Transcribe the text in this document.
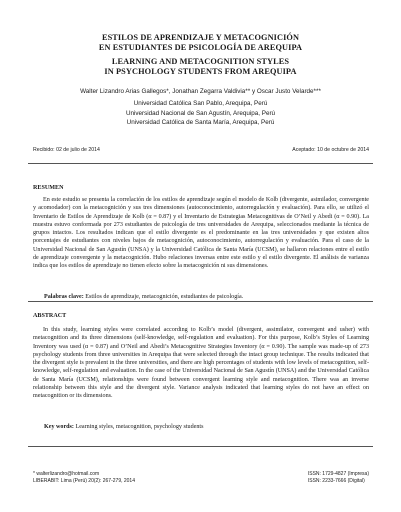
ESTILOS DE APRENDIZAJE Y METACOGNICIÓN
EN ESTUDIANTES DE PSICOLOGÍA DE AREQUIPA
LEARNING AND METACOGNITION STYLES
IN PSYCHOLOGY STUDENTS FROM AREQUIPA
Walter Lizandro Arias Gallegos*, Jonathan Zegarra Valdivia** y Oscar Justo Velarde***
Universidad Católica San Pablo, Arequipa, Perú
Universidad Nacional de San Agustín, Arequipa, Perú
Universidad Católica de Santa María, Arequipa, Perú
Recibido: 02 de julio de 2014	Aceptado: 10 de octubre de 2014
RESUMEN

En este estudio se presenta la correlación de los estilos de aprendizaje según el modelo de Kolb (divergente, asimilador, convergente y acomodador) con la metacognición y sus tres dimensiones (autoconocimiento, autorregulación y evaluación). Para ello, se utilizó el Inventario de Estilos de Aprendizaje de Kolb (α = 0.87) y el Inventario de Estrategias Metacognitivas de O’Neil y Abedi (α = 0.90). La muestra estuvo conformada por 273 estudiantes de psicología de tres universidades de Arequipa, seleccionados mediante la técnica de grupos intactos. Los resultados indican que el estilo divergente es el predominante en las tres universidades y que existen altos porcentajes de estudiantes con niveles bajos de metacognición, autoconocimiento, autorregulación y evaluación. Para el caso de la Universidad Nacional de San Agustín (UNSA) y la Universidad Católica de Santa María (UCSM), se hallaron relaciones entre el estilo de aprendizaje convergente y la metacognición. Hubo relaciones inversas entre este estilo y el estilo divergente. El análisis de varianza indica que los estilos de aprendizaje no tienen efecto sobre la metacognición ni sus dimensiones.

Palabras clave: Estilos de aprendizaje, metacognición, estudiantes de psicología.
ABSTRACT

In this study, learning styles were correlated according to Kolb’s model (divergent, assimilator, convergent and usher) with metacognition and its three dimensions (self-knowledge, self-regulation and evaluation). For this purpose, Kolb’s Styles of Learning Inventory was used (α = 0.87) and O’Neil and Abedi’s Metacognitive Strategies Inventory (α = 0.90). The sample was made-up of 273 psychology students from three universities in Arequipa that were selected through the intact group technique. The results indicated that the divergent style is prevalent in the three universities, and there are high percentages of students with low levels of metacognition, self-knowledge, self-regulation and evaluation. In the case of the Universidad Nacional de San Agustín (UNSA) and the Universidad Católica de Santa María (UCSM), relationships were found between convergent learning style and metacognition. There was an inverse relationship between this style and the divergent style. Variance analysis indicated that learning styles do not have an effect on metacognition or its dimensions.

Key words: Learning styles, metacognition, psychology students
* walterlizandro@hotmail.com
LIBERABIT: Lima (Perú) 20(2): 267-279, 2014
ISSN: 1729-4827 (Impresa)
ISSN: 2233-7666 (Digital)
